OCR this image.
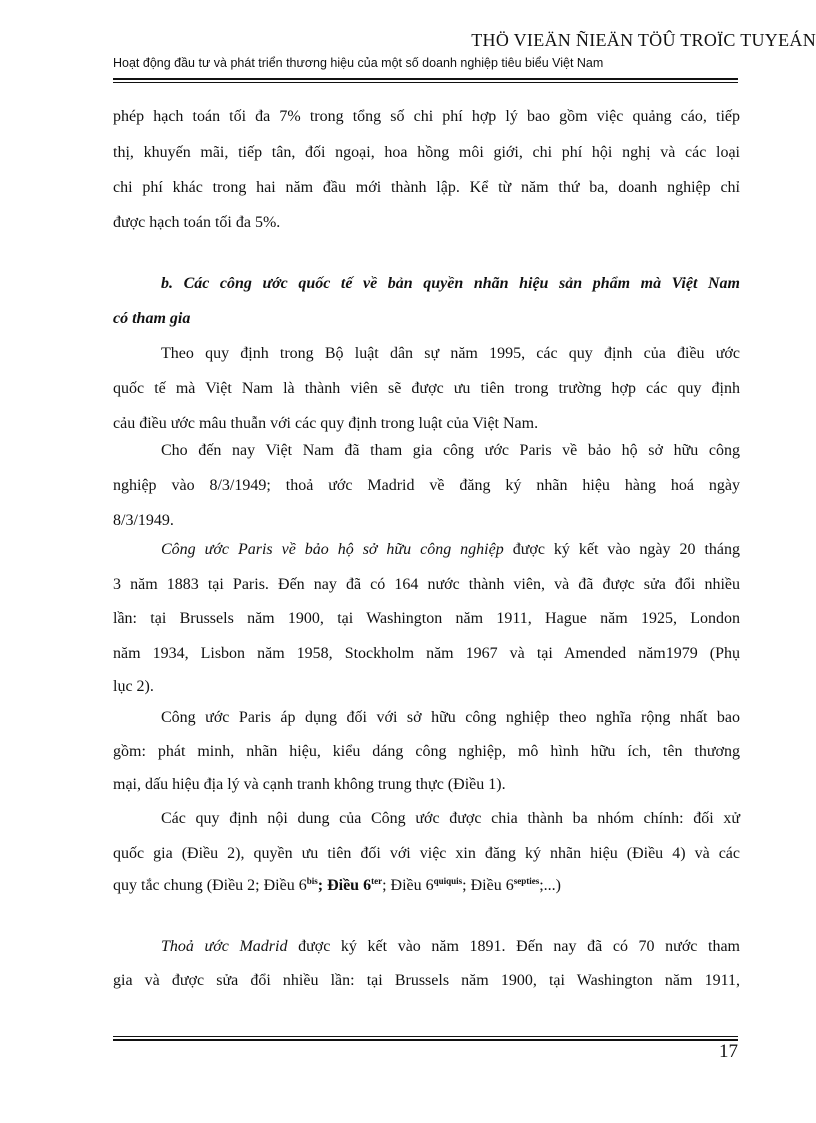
THÖ VIEÄN ÑIEÄN TÖÛ TROÏC TUYEÁN
Hoạt động đầu tư và phát triển thương hiệu của một số doanh nghiệp tiêu biểu Việt Nam
phép hạch toán tối đa 7% trong tổng số chi phí hợp lý bao gồm việc quảng cáo, tiếp
thị, khuyến mãi, tiếp tân, đối ngoại, hoa hồng môi giới, chi phí hội nghị và các loại
chi phí khác trong hai năm đầu mới thành lập. Kể từ năm thứ ba, doanh nghiệp chỉ
được hạch toán tối đa 5%.
b. Các công ước quốc tế về bản quyền nhãn hiệu sản phẩm mà Việt Nam
có tham gia
Theo quy định trong Bộ luật dân sự năm 1995, các quy định của điều ước
quốc tế mà Việt Nam là thành viên sẽ được ưu tiên trong trường hợp các quy định
cảu điều ước mâu thuẫn với các quy định trong luật của Việt Nam.
Cho đến nay Việt Nam đã tham gia công ước Paris về bảo hộ sở hữu công
nghiệp vào 8/3/1949; thoả ước Madrid về đăng ký nhãn hiệu hàng hoá ngày
8/3/1949.
Công ước Paris về bảo hộ sở hữu công nghiệp được ký kết vào ngày 20 tháng
3 năm 1883 tại Paris. Đến nay đã có 164 nước thành viên, và đã được sửa đổi nhiều
lần: tại Brussels năm 1900, tại Washington năm 1911, Hague năm 1925, London
năm 1934, Lisbon năm 1958, Stockholm năm 1967 và tại Amended năm1979 (Phụ
lục 2).
Công ước Paris áp dụng đối với sở hữu công nghiệp theo nghĩa rộng nhất bao
gồm: phát minh, nhãn hiệu, kiểu dáng công nghiệp, mô hình hữu ích, tên thương
mại, dấu hiệu địa lý và cạnh tranh không trung thực (Điều 1).
Các quy định nội dung của Công ước được chia thành ba nhóm chính: đối xử
quốc gia (Điều 2), quyền ưu tiên đối với việc xin đăng ký nhãn hiệu (Điều 4) và các
quy tắc chung (Điều 2; Điều $6^{bis}$; Điều $6^{ter}$; Điều $6^{quiquis}$; Điều $6^{septies}$;...)
Thoả ước Madrid được ký kết vào năm 1891. Đến nay đã có 70 nước tham
gia và được sửa đổi nhiều lần: tại Brussels năm 1900, tại Washington năm 1911,
17
